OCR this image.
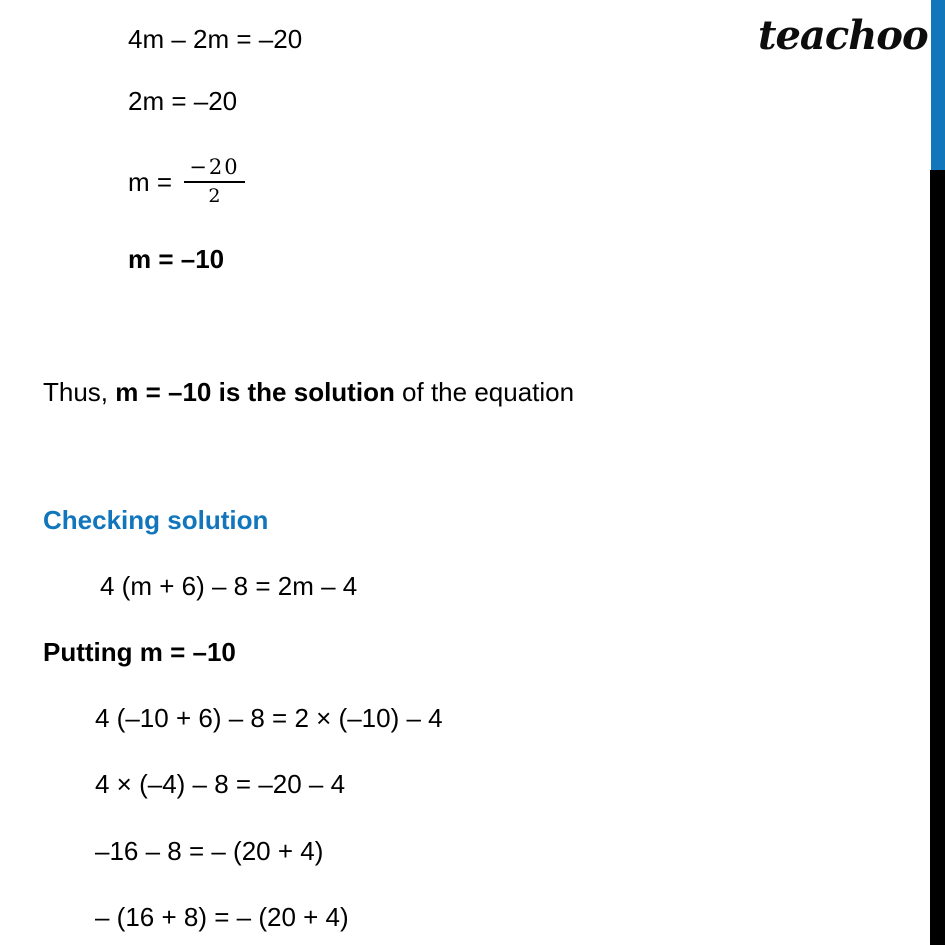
teachoo
4m – 2m = –20
2m = –20
$m = \frac{-20}{2}$
m = –10
Thus, m = –10 is the solution of the equation
Checking solution
4 (m + 6) – 8 = 2m – 4
Putting m = –10
4 (–10 + 6) – 8 = 2 × (–10) – 4
4 × (–4) – 8 = –20 – 4
–16 – 8 = – (20 + 4)
– (16 + 8) = – (20 + 4)
